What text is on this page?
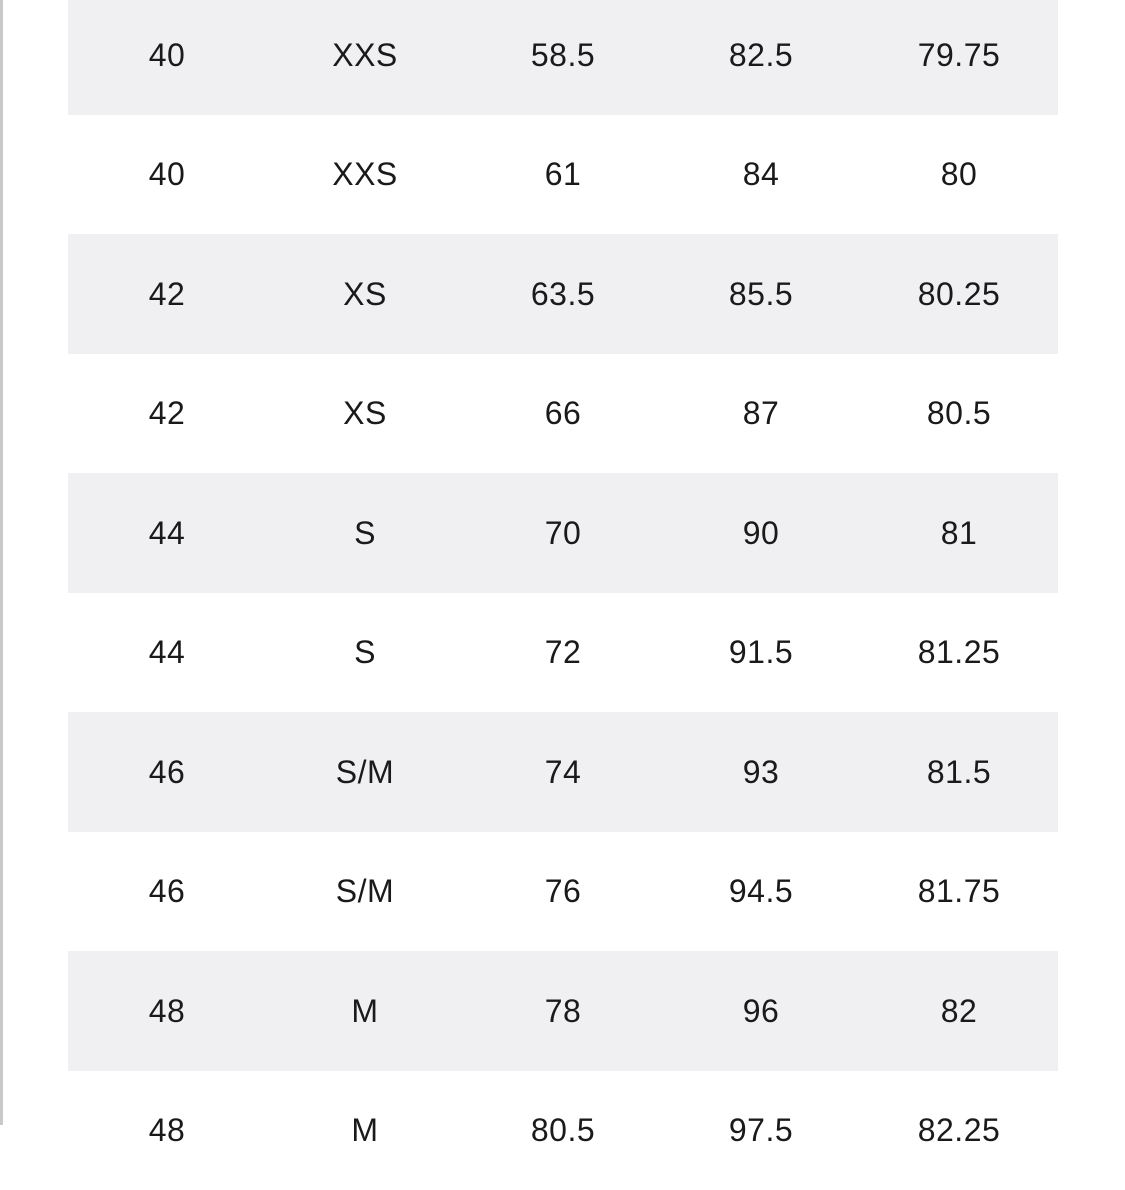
40	XXS	58.5	82.5	79.75
40	XXS	61	84	80
42	XS	63.5	85.5	80.25
42	XS	66	87	80.5
44	S	70	90	81
44	S	72	91.5	81.25
46	S/M	74	93	81.5
46	S/M	76	94.5	81.75
48	M	78	96	82
48	M	80.5	97.5	82.25
